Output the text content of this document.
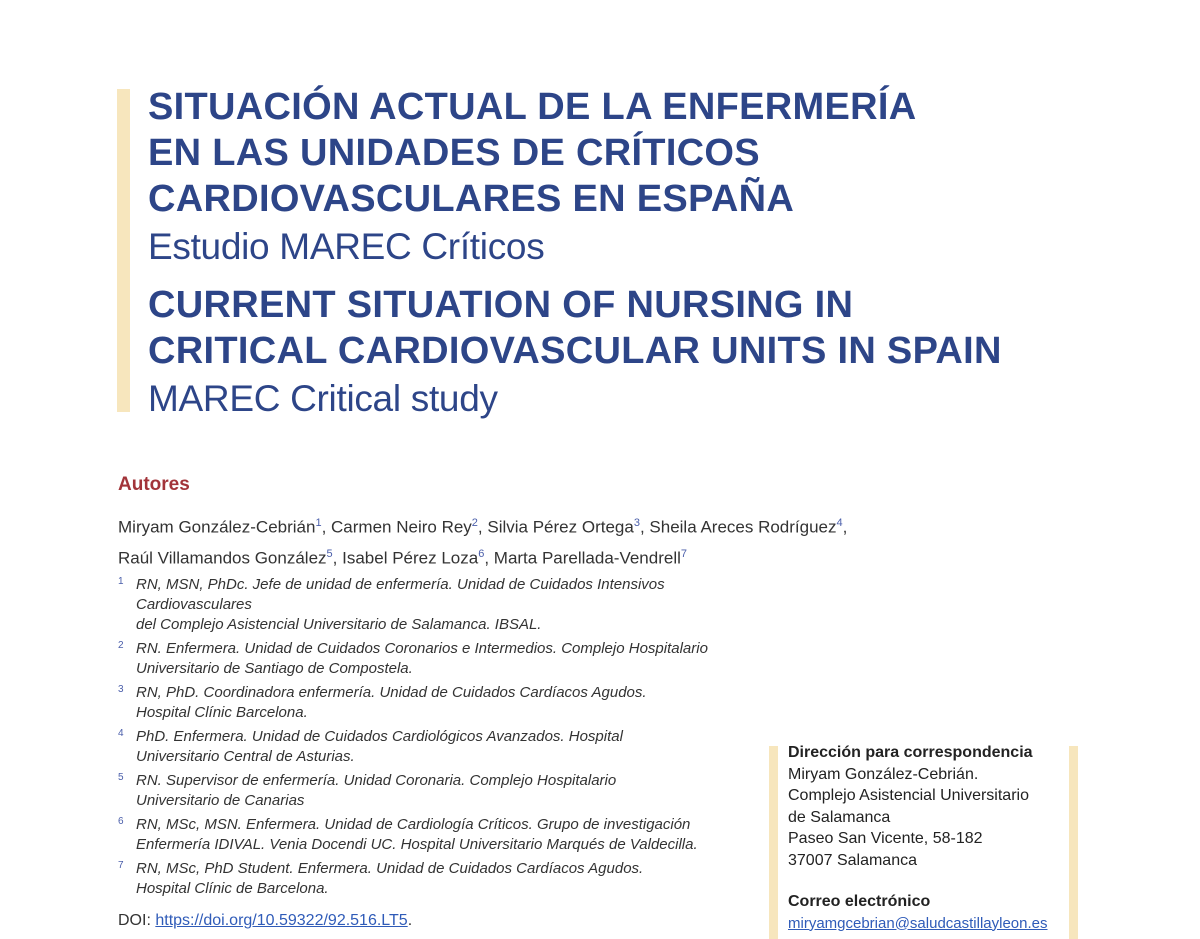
SITUACIÓN ACTUAL DE LA ENFERMERÍA
EN LAS UNIDADES DE CRÍTICOS
CARDIOVASCULARES EN ESPAÑA
Estudio MAREC Críticos
CURRENT SITUATION OF NURSING IN
CRITICAL CARDIOVASCULAR UNITS IN SPAIN
MAREC Critical study
Autores
Miryam González-Cebrián$^1$, Carmen Neiro Rey$^2$, Silvia Pérez Ortega$^3$, Sheila Areces Rodríguez$^4$,
Raúl Villamandos González$^5$, Isabel Pérez Loza$^6$, Marta Parellada-Vendrell$^7$
1 RN, MSN, PhDc. Jefe de unidad de enfermería. Unidad de Cuidados Intensivos Cardiovasculares
del Complejo Asistencial Universitario de Salamanca. IBSAL.
2 RN. Enfermera. Unidad de Cuidados Coronarios e Intermedios. Complejo Hospitalario
Universitario de Santiago de Compostela.
3 RN, PhD. Coordinadora enfermería. Unidad de Cuidados Cardíacos Agudos.
Hospital Clínic Barcelona.
4 PhD. Enfermera. Unidad de Cuidados Cardiológicos Avanzados. Hospital
Universitario Central de Asturias.
5 RN. Supervisor de enfermería. Unidad Coronaria. Complejo Hospitalario
Universitario de Canarias
6 RN, MSc, MSN. Enfermera. Unidad de Cardiología Críticos. Grupo de investigación
Enfermería IDIVAL. Venia Docendi UC. Hospital Universitario Marqués de Valdecilla.
7 RN, MSc, PhD Student. Enfermera. Unidad de Cuidados Cardíacos Agudos.
Hospital Clínic de Barcelona.
DOI: https://doi.org/10.59322/92.516.LT5.
Dirección para correspondencia
Miryam González-Cebrián.
Complejo Asistencial Universitario
de Salamanca
Paseo San Vicente, 58-182
37007 Salamanca
Correo electrónico
miryamgcebrian@saludcastillayleon.es
